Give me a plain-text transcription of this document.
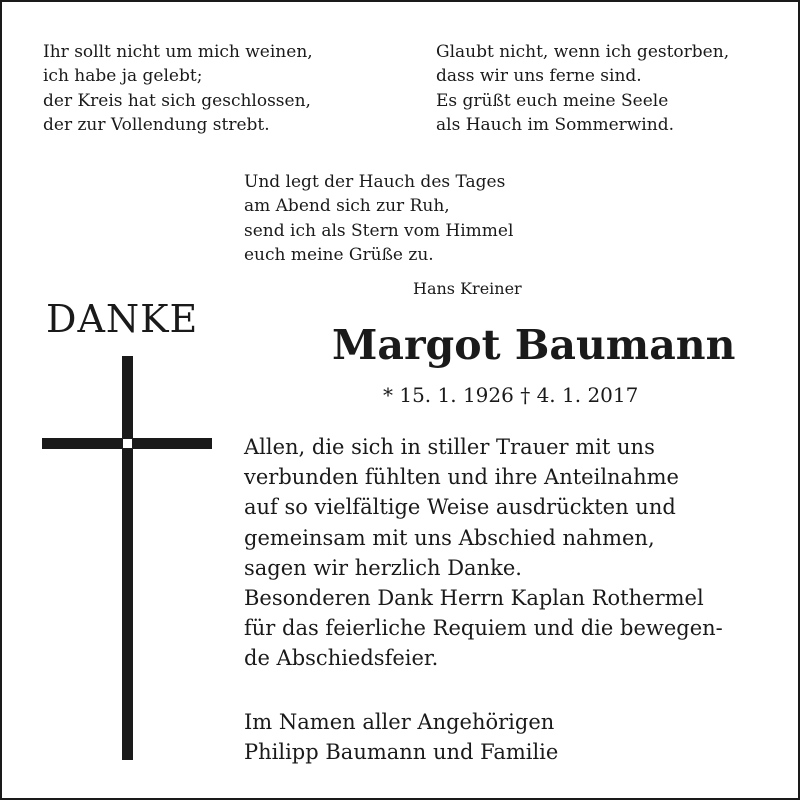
Ihr sollt nicht um mich weinen,
ich habe ja gelebt;
der Kreis hat sich geschlossen,
der zur Vollendung strebt.
Glaubt nicht, wenn ich gestorben,
dass wir uns ferne sind.
Es grüßt euch meine Seele
als Hauch im Sommerwind.
Und legt der Hauch des Tages
am Abend sich zur Ruh,
send ich als Stern vom Himmel
euch meine Grüße zu.
Hans Kreiner
DANKE
Margot Baumann
* 15. 1. 1926 † 4. 1. 2017
Allen, die sich in stiller Trauer mit uns
verbunden fühlten und ihre Anteilnahme
auf so vielfältige Weise ausdrückten und
gemeinsam mit uns Abschied nahmen,
sagen wir herzlich Danke.
Besonderen Dank Herrn Kaplan Rothermel
für das feierliche Requiem und die bewegen-
de Abschiedsfeier.
Im Namen aller Angehörigen
Philipp Baumann und Familie
